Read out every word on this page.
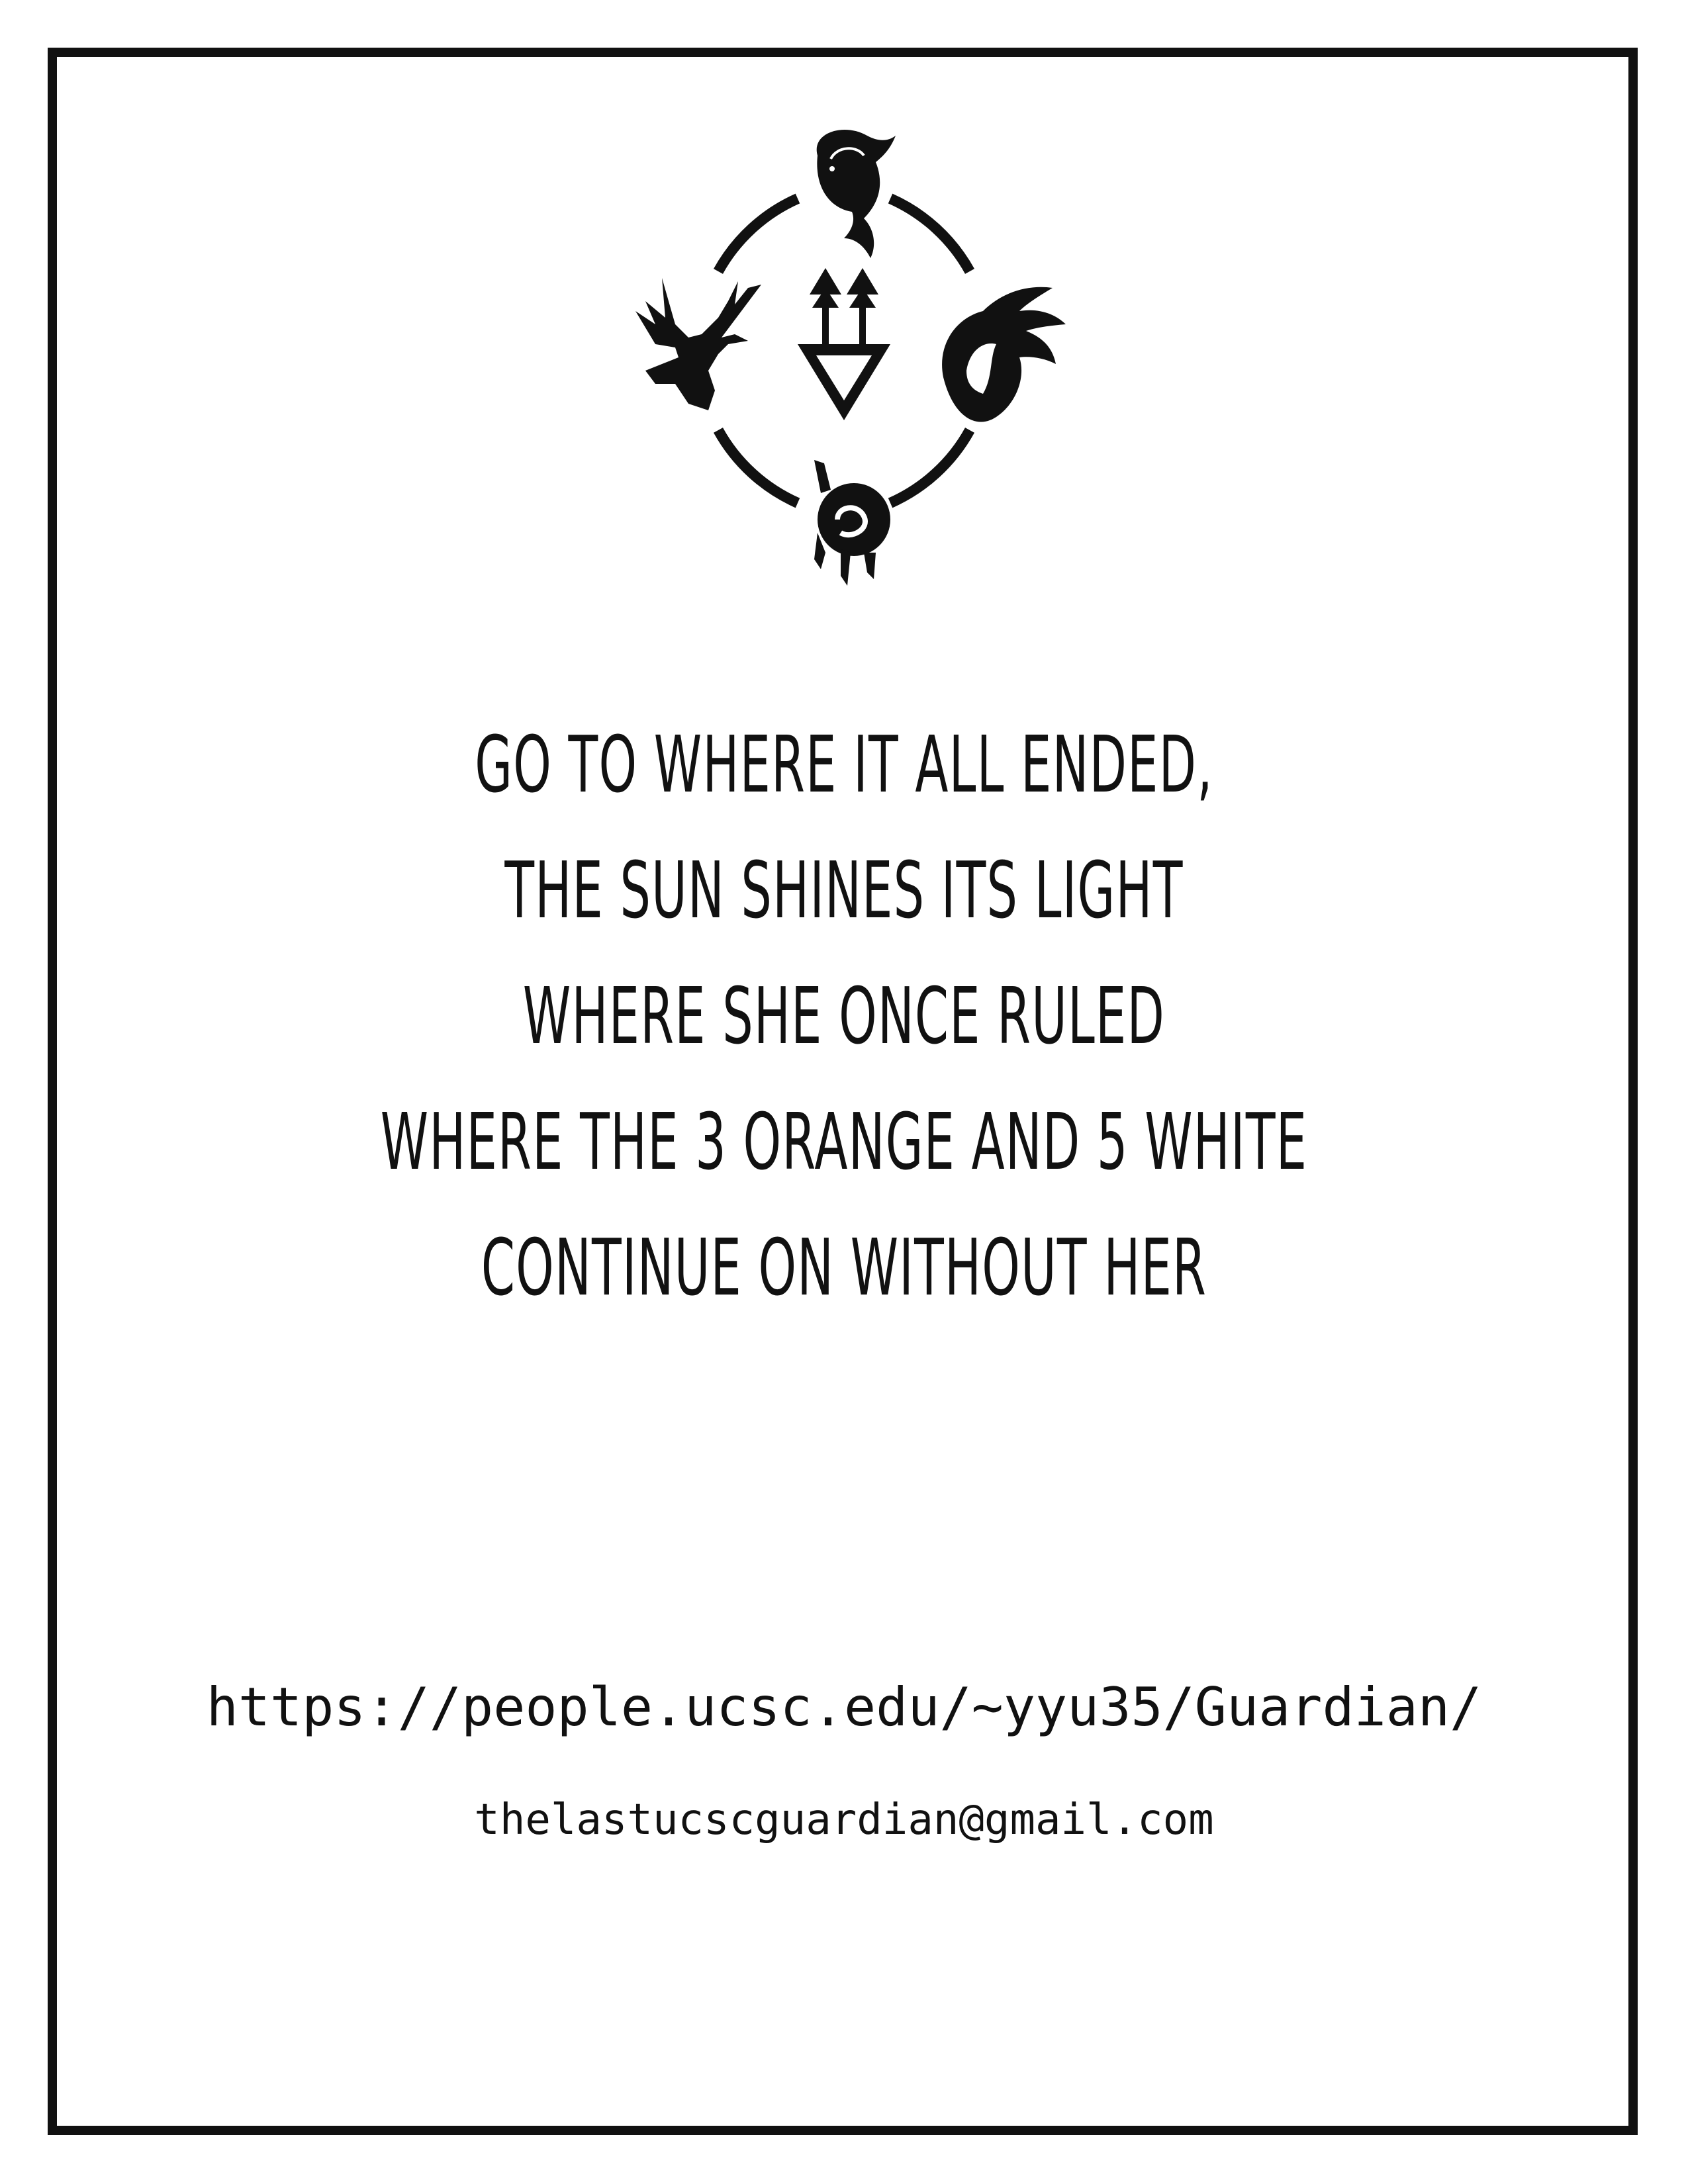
GO TO WHERE IT ALL ENDED,
THE SUN SHINES ITS LIGHT
WHERE SHE ONCE RULED
WHERE THE 3 ORANGE AND 5 WHITE
CONTINUE ON WITHOUT HER
https://people.ucsc.edu/~yyu35/Guardian/
thelastucscguardian@gmail.com
